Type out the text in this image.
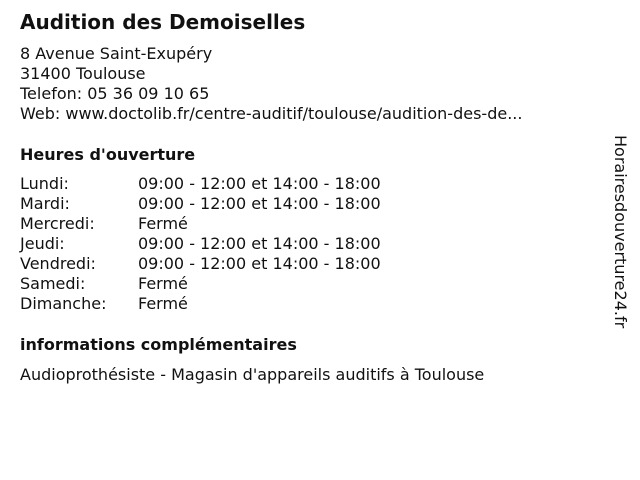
Audition des Demoiselles
8 Avenue Saint-Exupéry
31400 Toulouse
Telefon: 05 36 09 10 65
Web: www.doctolib.fr/centre-auditif/toulouse/audition-des-de...
Heures d'ouverture
Lundi:	09:00 - 12:00 et 14:00 - 18:00
Mardi:	09:00 - 12:00 et 14:00 - 18:00
Mercredi:	Fermé
Jeudi:	09:00 - 12:00 et 14:00 - 18:00
Vendredi:	09:00 - 12:00 et 14:00 - 18:00
Samedi:	Fermé
Dimanche:	Fermé
informations complémentaires
Audioprothésiste - Magasin d'appareils auditifs à Toulouse
Horairesdouverture24.fr
